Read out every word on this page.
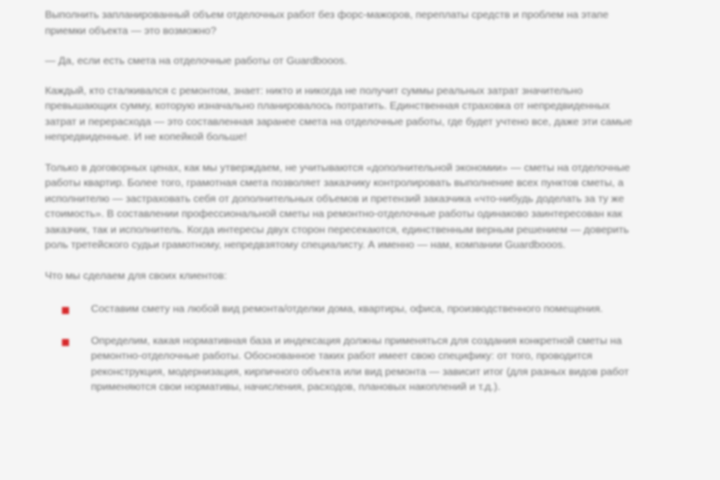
Выполнить запланированный объем отделочных работ без форс-мажоров, переплаты средств и проблем на этапе приемки объекта — это возможно?

— Да, если есть смета на отделочные работы от Guardbooos.

Каждый, кто сталкивался с ремонтом, знает: никто и никогда не получит суммы реальных затрат значительно превышающих сумму, которую изначально планировалось потратить. Единственная страховка от непредвиденных затрат и перерасхода — это составленная заранее смета на отделочные работы, где будет учтено все, даже эти самые непредвиденные. И не копейкой больше!

Только в договорных ценах, как мы утверждаем, не учитываются «дополнительной экономии» — сметы на отделочные работы квартир. Более того, грамотная смета позволяет заказчику контролировать выполнение всех пунктов сметы, а исполнителю — застраховать себя от дополнительных объемов и претензий заказчика «что-нибудь доделать за ту же стоимость». В составлении профессиональной сметы на ремонтно-отделочные работы одинаково заинтересован как заказчик, так и исполнитель. Когда интересы двух сторон пересекаются, единственным верным решением — доверить роль третейского судьи грамотному, непредвзятому специалисту. А именно — нам, компании Guardbooos.

Что мы сделаем для своих клиентов:

Составим смету на любой вид ремонта/отделки дома, квартиры, офиса, производственного помещения.
Определим, какая нормативная база и индексация должны применяться для создания конкретной сметы на ремонтно-отделочные работы. Обоснованное таких работ имеет свою специфику: от того, проводится реконструкция, модернизация, кирпичного объекта или вид ремонта — зависит итог (для разных видов работ применяются свои нормативы, начисления, расходов, плановых накоплений и т.д.).
